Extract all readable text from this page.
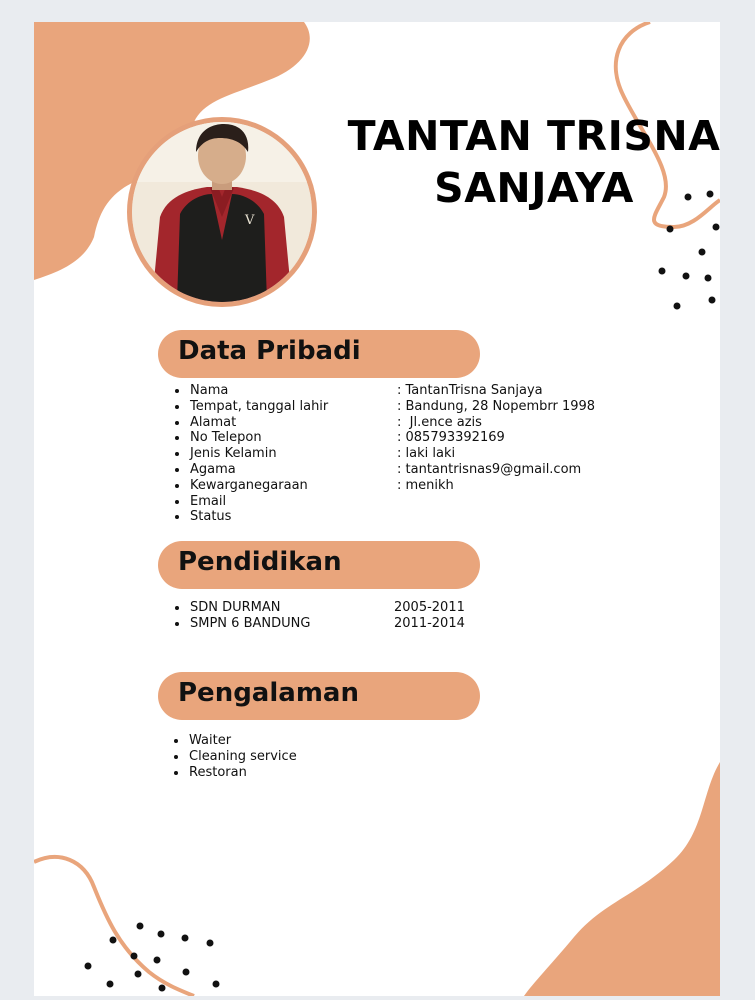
V
TANTAN TRISNA
SANJAYA
Data Pribadi
Nama
Tempat, tanggal lahir
Alamat
No Telepon
Jenis Kelamin
Agama
Kewarganegaraan
Email
Status
: TantanTrisna Sanjaya
: Bandung, 28 Nopembrr 1998
:  Jl.ence azis
: 085793392169
: laki laki
: tantantrisnas9@gmail.com
: menikh
Pendidikan
SDN DURMAN	2005-2011
SMPN 6 BANDUNG	2011-2014
Pengalaman
Waiter
Cleaning service
Restoran
